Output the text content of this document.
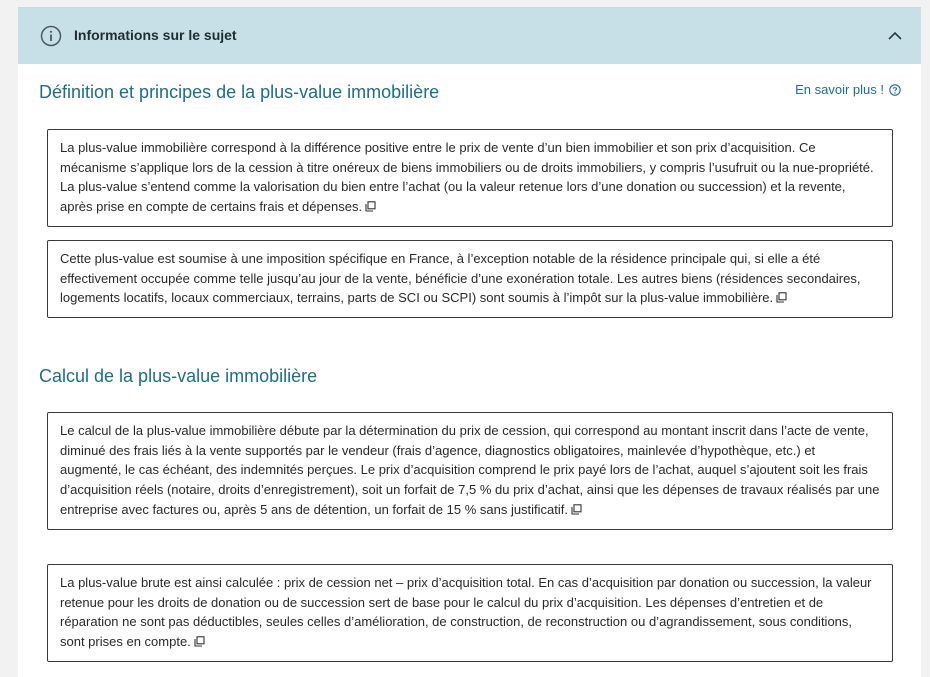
Informations sur le sujet
Définition et principes de la plus-value immobilière	En savoir plus !
La plus-value immobilière correspond à la différence positive entre le prix de vente d’un bien immobilier et son prix d’acquisition. Ce mécanisme s’applique lors de la cession à titre onéreux de biens immobiliers ou de droits immobiliers, y compris l’usufruit ou la nue-propriété. La plus-value s’entend comme la valorisation du bien entre l’achat (ou la valeur retenue lors d’une donation ou succession) et la revente, après prise en compte de certains frais et dépenses.
Cette plus-value est soumise à une imposition spécifique en France, à l’exception notable de la résidence principale qui, si elle a été effectivement occupée comme telle jusqu’au jour de la vente, bénéficie d’une exonération totale. Les autres biens (résidences secondaires, logements locatifs, locaux commerciaux, terrains, parts de SCI ou SCPI) sont soumis à l’impôt sur la plus-value immobilière.
Calcul de la plus-value immobilière
Le calcul de la plus-value immobilière débute par la détermination du prix de cession, qui correspond au montant inscrit dans l’acte de vente, diminué des frais liés à la vente supportés par le vendeur (frais d’agence, diagnostics obligatoires, mainlevée d’hypothèque, etc.) et augmenté, le cas échéant, des indemnités perçues. Le prix d’acquisition comprend le prix payé lors de l’achat, auquel s’ajoutent soit les frais d’acquisition réels (notaire, droits d’enregistrement), soit un forfait de 7,5 % du prix d’achat, ainsi que les dépenses de travaux réalisés par une entreprise avec factures ou, après 5 ans de détention, un forfait de 15 % sans justificatif.
La plus-value brute est ainsi calculée : prix de cession net – prix d’acquisition total. En cas d’acquisition par donation ou succession, la valeur retenue pour les droits de donation ou de succession sert de base pour le calcul du prix d’acquisition. Les dépenses d’entretien et de réparation ne sont pas déductibles, seules celles d’amélioration, de construction, de reconstruction ou d’agrandissement, sous conditions, sont prises en compte.
